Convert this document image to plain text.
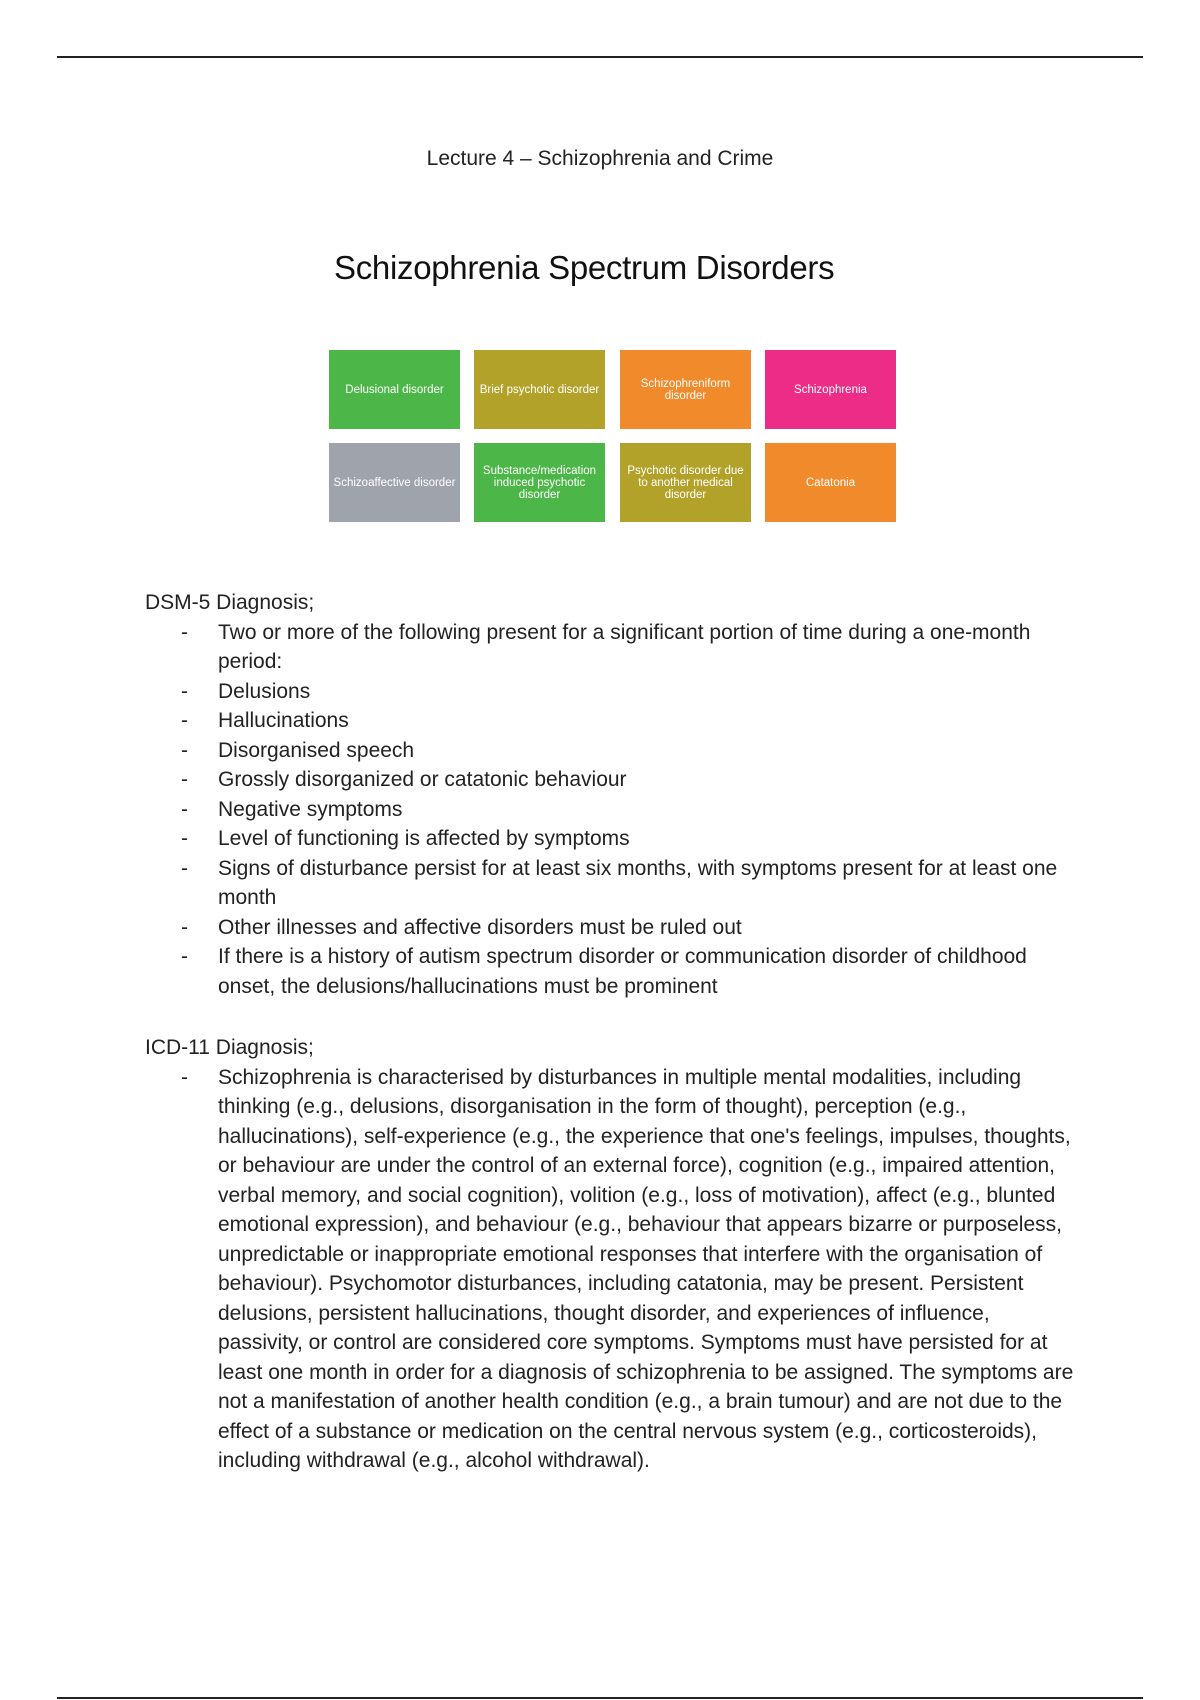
Lecture 4 – Schizophrenia and Crime
Schizophrenia Spectrum Disorders
Delusional disorder	Brief psychotic disorder	Schizophreniform disorder	Schizophrenia
Schizoaffective disorder
Substance/medication induced psychotic disorder
Psychotic disorder due to another medical disorder
Catatonia

DSM-5 Diagnosis;

- Two or more of the following present for a significant portion of time during a one-month period:
- Delusions
- Hallucinations
- Disorganised speech
- Grossly disorganized or catatonic behaviour
- Negative symptoms
- Level of functioning is affected by symptoms
- Signs of disturbance persist for at least six months, with symptoms present for at least one month
- Other illnesses and affective disorders must be ruled out
- If there is a history of autism spectrum disorder or communication disorder of childhood onset, the delusions/hallucinations must be prominent

ICD-11 Diagnosis;

- Schizophrenia is characterised by disturbances in multiple mental modalities, including thinking (e.g., delusions, disorganisation in the form of thought), perception (e.g., hallucinations), self-experience (e.g., the experience that one's feelings, impulses, thoughts, or behaviour are under the control of an external force), cognition (e.g., impaired attention, verbal memory, and social cognition), volition (e.g., loss of motivation), affect (e.g., blunted emotional expression), and behaviour (e.g., behaviour that appears bizarre or purposeless, unpredictable or inappropriate emotional responses that interfere with the organisation of behaviour). Psychomotor disturbances, including catatonia, may be present. Persistent delusions, persistent hallucinations, thought disorder, and experiences of influence, passivity, or control are considered core symptoms. Symptoms must have persisted for at least one month in order for a diagnosis of schizophrenia to be assigned. The symptoms are not a manifestation of another health condition (e.g., a brain tumour) and are not due to the effect of a substance or medication on the central nervous system (e.g., corticosteroids), including withdrawal (e.g., alcohol withdrawal).
